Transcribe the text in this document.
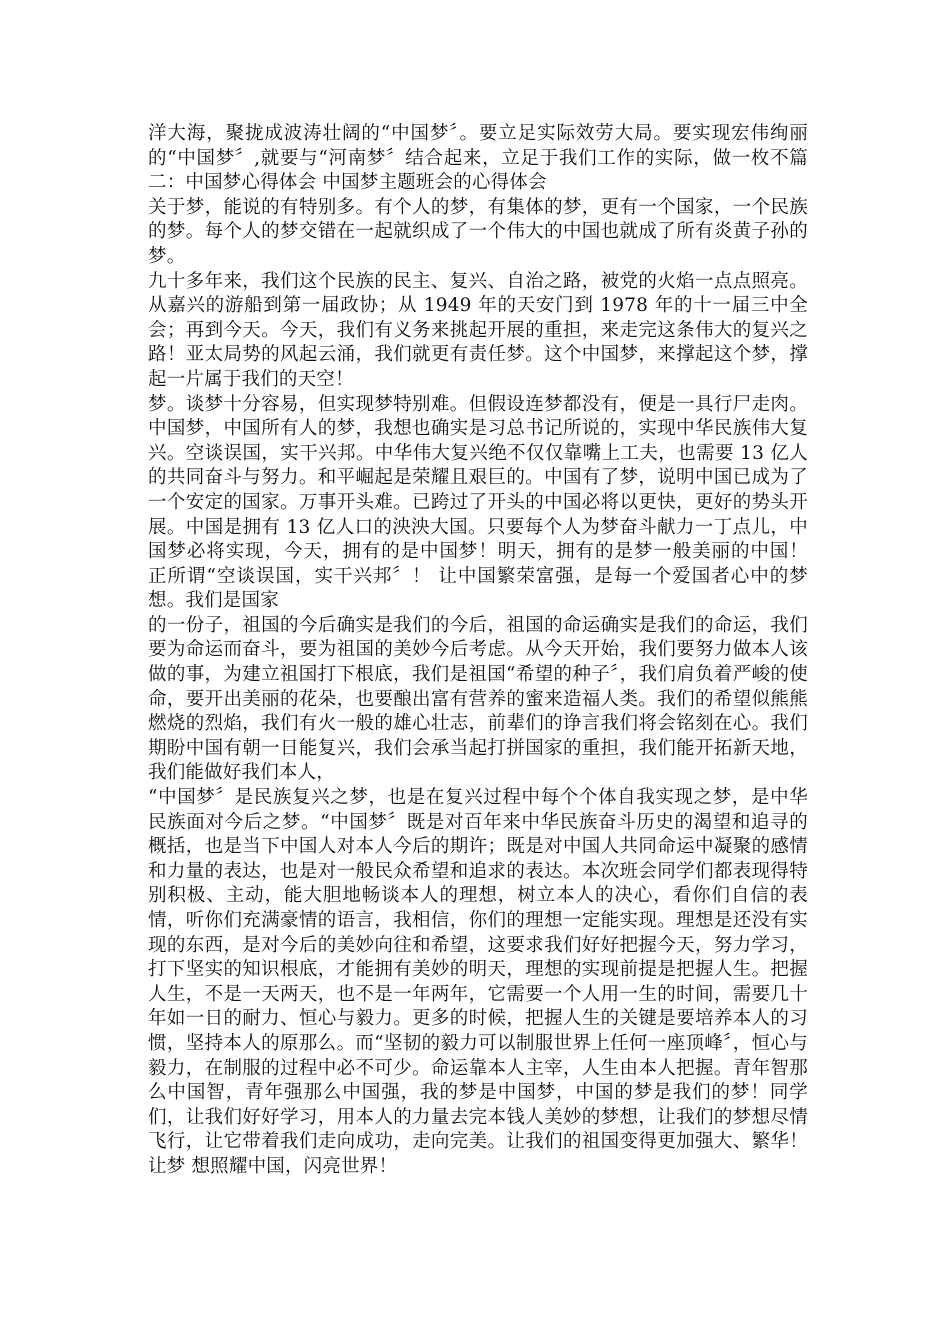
洋大海，聚拢成波涛壮阔的“中国梦〞。要立足实际效劳大局。要实现宏伟绚丽的“中国梦〞,就要与“河南梦〞结合起来，立足于我们工作的实际，做一枚不篇二：中国梦心得体会 中国梦主题班会的心得体会

关于梦，能说的有特别多。有个人的梦，有集体的梦，更有一个国家，一个民族的梦。每个人的梦交错在一起就织成了一个伟大的中国也就成了所有炎黄子孙的梦。

九十多年来，我们这个民族的民主、复兴、自治之路，被党的火焰一点点照亮。从嘉兴的游船到第一届政协；从 1949 年的天安门到 1978 年的十一届三中全会；再到今天。今天，我们有义务来挑起开展的重担，来走完这条伟大的复兴之路！亚太局势的风起云涌，我们就更有责任梦。这个中国梦，来撑起这个梦，撑起一片属于我们的天空！

梦。谈梦十分容易，但实现梦特别难。但假设连梦都没有，便是一具行尸走肉。中国梦，中国所有人的梦，我想也确实是习总书记所说的，实现中华民族伟大复兴。空谈误国，实干兴邦。中华伟大复兴绝不仅仅靠嘴上工夫，也需要 13 亿人的共同奋斗与努力。和平崛起是荣耀且艰巨的。中国有了梦，说明中国已成为了一个安定的国家。万事开头难。已跨过了开头的中国必将以更快，更好的势头开展。中国是拥有 13 亿人口的泱泱大国。只要每个人为梦奋斗献力一丁点儿，中国梦必将实现，今天，拥有的是中国梦！明天，拥有的是梦一般美丽的中国！ 正所谓“空谈误国，实干兴邦〞！ 让中国繁荣富强，是每一个爱国者心中的梦想。我们是国家

的一份子，祖国的今后确实是我们的今后，祖国的命运确实是我们的命运，我们要为命运而奋斗，要为祖国的美妙今后考虑。从今天开始，我们要努力做本人该做的事，为建立祖国打下根底，我们是祖国“希望的种子〞，我们肩负着严峻的使命，要开出美丽的花朵，也要酿出富有营养的蜜来造福人类。我们的希望似熊熊燃烧的烈焰，我们有火一般的雄心壮志，前辈们的诤言我们将会铭刻在心。我们期盼中国有朝一日能复兴，我们会承当起打拼国家的重担，我们能开拓新天地，我们能做好我们本人，

“中国梦〞是民族复兴之梦，也是在复兴过程中每个个体自我实现之梦，是中华民族面对今后之梦。“中国梦〞既是对百年来中华民族奋斗历史的渴望和追寻的概括，也是当下中国人对本人今后的期许；既是对中国人共同命运中凝聚的感情和力量的表达，也是对一般民众希望和追求的表达。本次班会同学们都表现得特别积极、主动，能大胆地畅谈本人的理想，树立本人的决心，看你们自信的表情，听你们充满豪情的语言，我相信，你们的理想一定能实现。理想是还没有实现的东西，是对今后的美妙向往和希望，这要求我们好好把握今天，努力学习，打下坚实的知识根底，才能拥有美妙的明天，理想的实现前提是把握人生。把握人生，不是一天两天，也不是一年两年，它需要一个人用一生的时间，需要几十年如一日的耐力、恒心与毅力。更多的时候，把握人生的关键是要培养本人的习惯，坚持本人的原那么。而“坚韧的毅力可以制服世界上任何一座顶峰〞，恒心与毅力，在制服的过程中必不可少。命运靠本人主宰，人生由本人把握。青年智那么中国智，青年强那么中国强，我的梦是中国梦，中国的梦是我们的梦！同学们，让我们好好学习，用本人的力量去完本钱人美妙的梦想，让我们的梦想尽情飞行，让它带着我们走向成功，走向完美。让我们的祖国变得更加强大、繁华！让梦 想照耀中国，闪亮世界！
